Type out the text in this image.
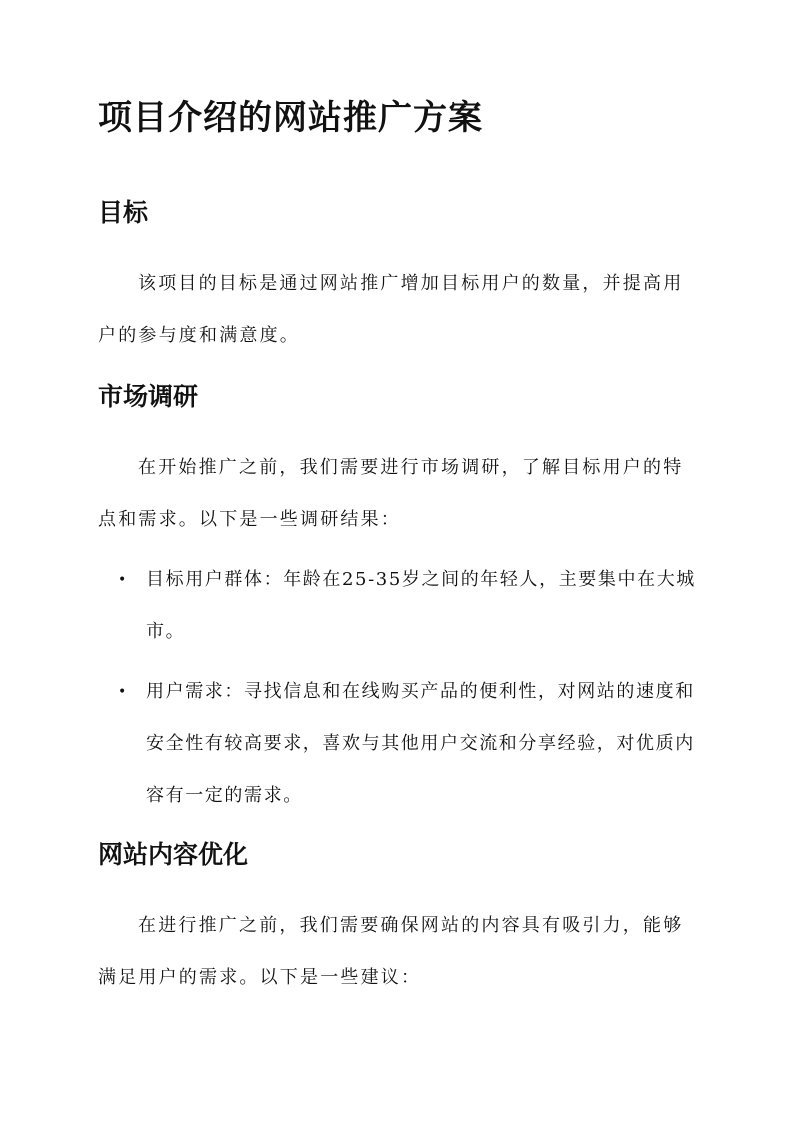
项目介绍的网站推广方案
目标

该项目的目标是通过网站推广增加目标用户的数量，并提高用户的参与度和满意度。

市场调研

在开始推广之前，我们需要进行市场调研，了解目标用户的特点和需求。以下是一些调研结果：

•	目标用户群体：年龄在25-35岁之间的年轻人，主要集中在大城市。
•	用户需求：寻找信息和在线购买产品的便利性，对网站的速度和安全性有较高要求，喜欢与其他用户交流和分享经验，对优质内容有一定的需求。
网站内容优化

在进行推广之前，我们需要确保网站的内容具有吸引力，能够满足用户的需求。以下是一些建议：
